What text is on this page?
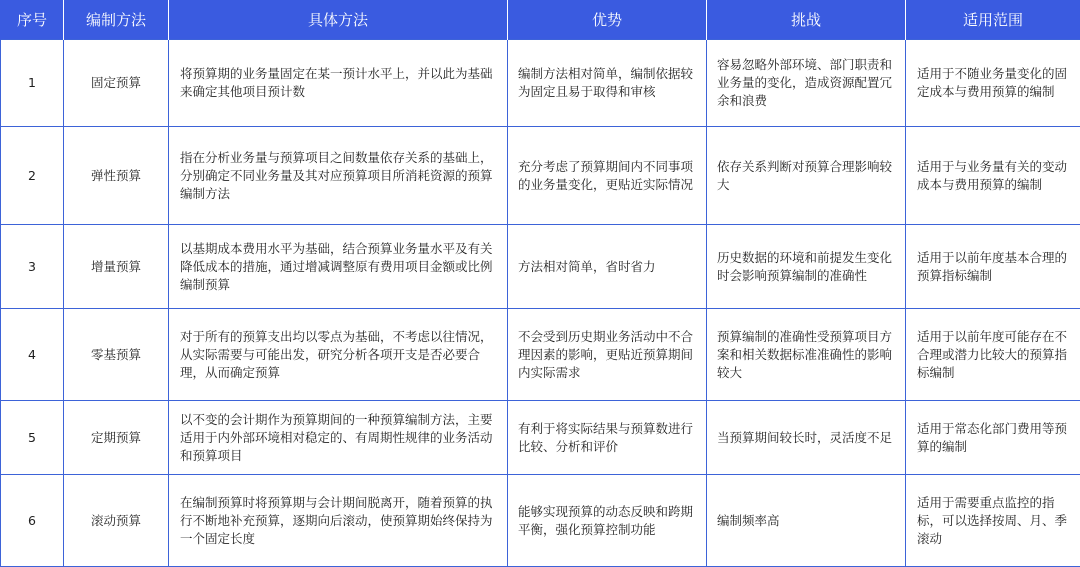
序号	编制方法	具体方法	优势	挑战	适用范围
1	固定预算	将预算期的业务量固定在某一预计水平上，并以此为基础来确定其他项目预计数	编制方法相对简单，编制依据较为固定且易于取得和审核	容易忽略外部环境、部门职责和业务量的变化，造成资源配置冗余和浪费	适用于不随业务量变化的固定成本与费用预算的编制
2	弹性预算	指在分析业务量与预算项目之间数量依存关系的基础上，分别确定不同业务量及其对应预算项目所消耗资源的预算编制方法	充分考虑了预算期间内不同事项的业务量变化，更贴近实际情况	依存关系判断对预算合理影响较大	适用于与业务量有关的变动成本与费用预算的编制
3	增量预算	以基期成本费用水平为基础，结合预算业务量水平及有关降低成本的措施，通过增减调整原有费用项目金额或比例编制预算	方法相对简单，省时省力	历史数据的环境和前提发生变化时会影响预算编制的准确性	适用于以前年度基本合理的预算指标编制
4	零基预算	对于所有的预算支出均以零点为基础，不考虑以往情况，从实际需要与可能出发，研究分析各项开支是否必要合理，从而确定预算	不会受到历史期业务活动中不合理因素的影响，更贴近预算期间内实际需求	预算编制的准确性受预算项目方案和相关数据标准准确性的影响较大	适用于以前年度可能存在不合理或潜力比较大的预算指标编制
5	定期预算	以不变的会计期作为预算期间的一种预算编制方法，主要适用于内外部环境相对稳定的、有周期性规律的业务活动和预算项目	有利于将实际结果与预算数进行比较、分析和评价	当预算期间较长时，灵活度不足	适用于常态化部门费用等预算的编制
6	滚动预算	在编制预算时将预算期与会计期间脱离开，随着预算的执行不断地补充预算，逐期向后滚动，使预算期始终保持为一个固定长度	能够实现预算的动态反映和跨期平衡，强化预算控制功能	编制频率高	适用于需要重点监控的指标，可以选择按周、月、季滚动
